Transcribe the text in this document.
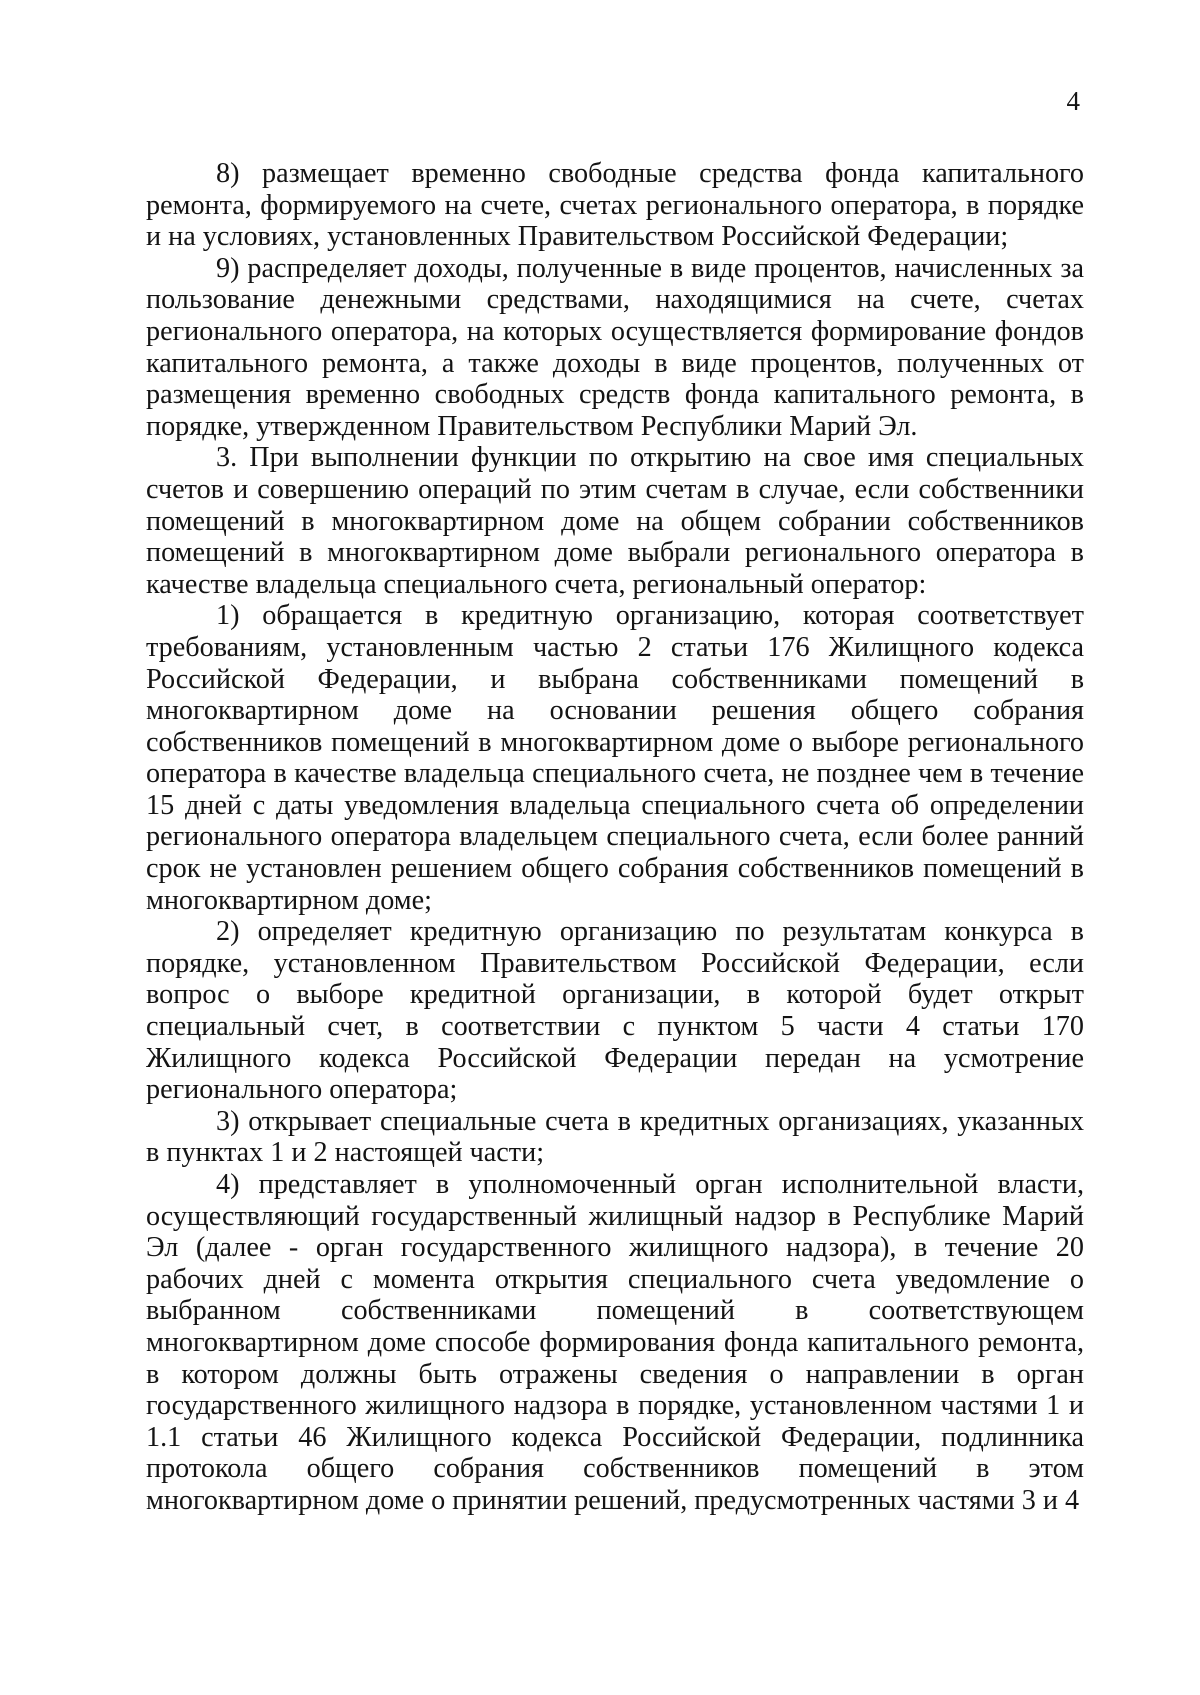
4

8) размещает временно свободные средства фонда капитального ремонта, формируемого на счете, счетах регионального оператора, в порядке и на условиях, установленных Правительством Российской Федерации;

9) распределяет доходы, полученные в виде процентов, начисленных за пользование денежными средствами, находящимися на счете, счетах регионального оператора, на которых осуществляется формирование фондов капитального ремонта, а также доходы в виде процентов, полученных от размещения временно свободных средств фонда капитального ремонта, в порядке, утвержденном Правительством Республики Марий Эл.

3. При выполнении функции по открытию на свое имя специальных счетов и совершению операций по этим счетам в случае, если собственники помещений в многоквартирном доме на общем собрании собственников помещений в многоквартирном доме выбрали регионального оператора в качестве владельца специального счета, региональный оператор:

1) обращается в кредитную организацию, которая соответствует требованиям, установленным частью 2 статьи 176 Жилищного кодекса Российской Федерации, и выбрана собственниками помещений в многоквартирном доме на основании решения общего собрания собственников помещений в многоквартирном доме о выборе регионального оператора в качестве владельца специального счета, не позднее чем в течение 15 дней с даты уведомления владельца специального счета об определении регионального оператора владельцем специального счета, если более ранний срок не установлен решением общего собрания собственников помещений в многоквартирном доме;

2) определяет кредитную организацию по результатам конкурса в порядке, установленном Правительством Российской Федерации, если вопрос о выборе кредитной организации, в которой будет открыт специальный счет, в соответствии с пунктом 5 части 4 статьи 170 Жилищного кодекса Российской Федерации передан на усмотрение регионального оператора;

3) открывает специальные счета в кредитных организациях, указанных в пунктах 1 и 2 настоящей части;

4) представляет в уполномоченный орган исполнительной власти, осуществляющий государственный жилищный надзор в Республике Марий Эл (далее - орган государственного жилищного надзора), в течение 20 рабочих дней с момента открытия специального счета уведомление о выбранном собственниками помещений в соответствующем многоквартирном доме способе формирования фонда капитального ремонта, в котором должны быть отражены сведения о направлении в орган государственного жилищного надзора в порядке, установленном частями 1 и 1.1 статьи 46 Жилищного кодекса Российской Федерации, подлинника протокола общего собрания собственников помещений в этом многоквартирном доме о принятии решений, предусмотренных частями 3 и 4
